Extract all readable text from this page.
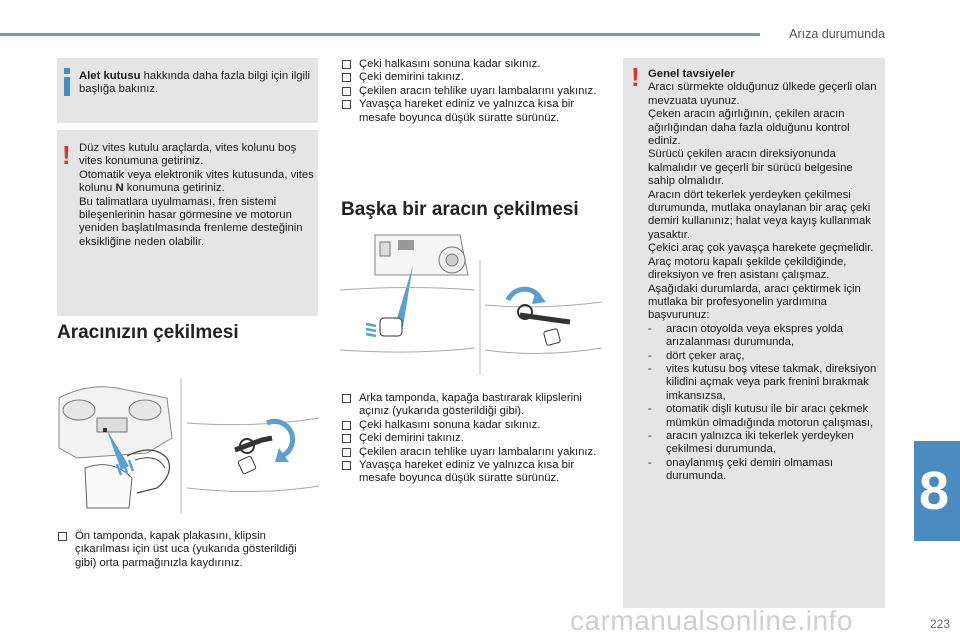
Arıza durumunda
8
223
Alet kutusu hakkında daha fazla bilgi için ilgili başlığa bakınız.
! Düz vites kutulu araçlarda, vites kolunu boş vites konumuna getiriniz.

Otomatik veya elektronik vites kutusunda, vites kolunu N konumuna getiriniz.

Bu talimatlara uyulmaması, fren sistemi bileşenlerinin hasar görmesine ve motorun yeniden başlatılmasında frenleme desteğinin eksikliğine neden olabilir.

Aracınızın çekilmesi
Ön tamponda, kapak plakasını, klipsin çıkarılması için üst uca (yukarıda gösterildiği gibi) orta parmağınızla kaydırınız.
Çeki halkasını sonuna kadar sıkınız.
Çeki demirini takınız.
Çekilen aracın tehlike uyarı lambalarını yakınız.
Yavaşça hareket ediniz ve yalnızca kısa bir mesafe boyunca düşük süratte sürünüz.
Başka bir aracın çekilmesi
Arka tamponda, kapağa bastırarak klipslerini açınız (yukarıda gösterildiği gibi).
Çeki halkasını sonuna kadar sıkınız.
Çeki demirini takınız.
Çekilen aracın tehlike uyarı lambalarını yakınız.
Yavaşça hareket ediniz ve yalnızca kısa bir mesafe boyunca düşük süratte sürünüz.
! Genel tavsiyeler

Aracı sürmekte olduğunuz ülkede geçerli olan mevzuata uyunuz.

Çeken aracın ağırlığının, çekilen aracın ağırlığından daha fazla olduğunu kontrol ediniz.

Sürücü çekilen aracın direksiyonunda kalmalıdır ve geçerli bir sürücü belgesine sahip olmalıdır.

Aracın dört tekerlek yerdeyken çekilmesi durumunda, mutlaka onaylanan bir araç çeki demiri kullanınız; halat veya kayış kullanmak yasaktır.

Çekici araç çok yavaşça harekete geçmelidir.

Araç motoru kapalı şekilde çekildiğinde, direksiyon ve fren asistanı çalışmaz.

Aşağıdaki durumlarda, aracı çektirmek için mutlaka bir profesyonelin yardımına başvurunuz:

- aracın otoyolda veya ekspres yolda arızalanması durumunda,
- dört çeker araç,
- vites kutusu boş vitese takmak, direksiyon kilidini açmak veya park frenini bırakmak imkansızsa,
- otomatik dişli kutusu ile bir aracı çekmek mümkün olmadığında motorun çalışması,
- aracın yalnızca iki tekerlek yerdeyken çekilmesi durumunda,
- onaylanmış çeki demiri olmaması durumunda.
carmanualsonline.info
